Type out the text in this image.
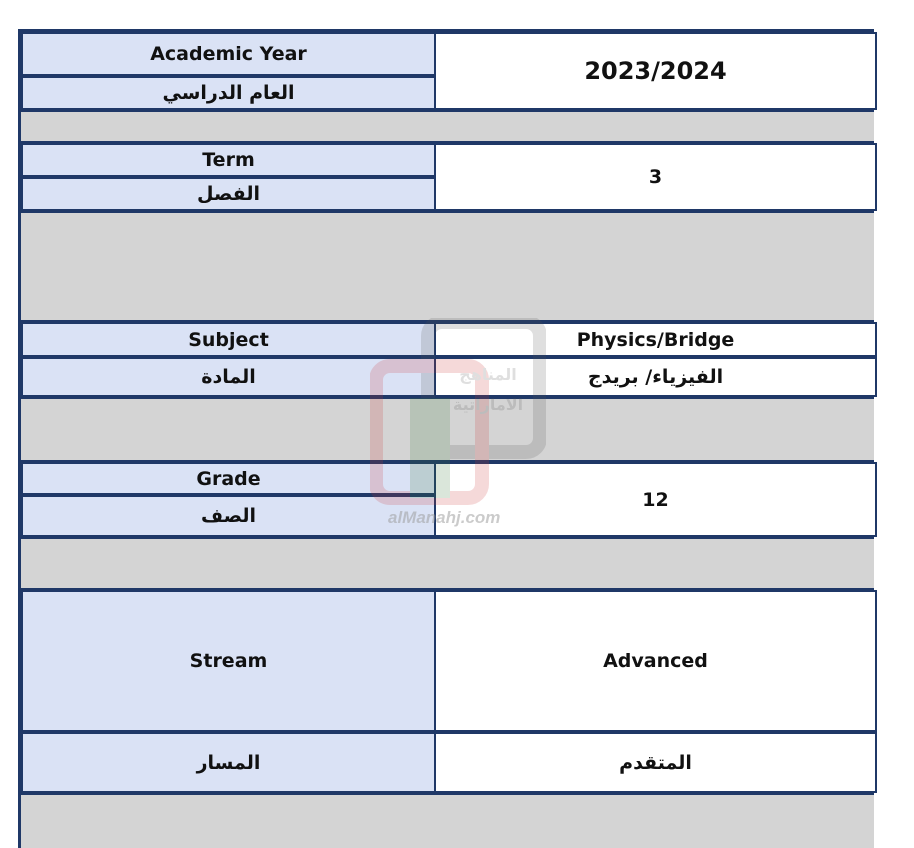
Academic Year
العام الدراسي
2023/2024
Term
الفصل
3
Subject
المادة
Physics/Bridge
الفيزياء/ بريدج
Grade
الصف
12
Stream
المسار
Advanced
المتقدم
alManahj.com
